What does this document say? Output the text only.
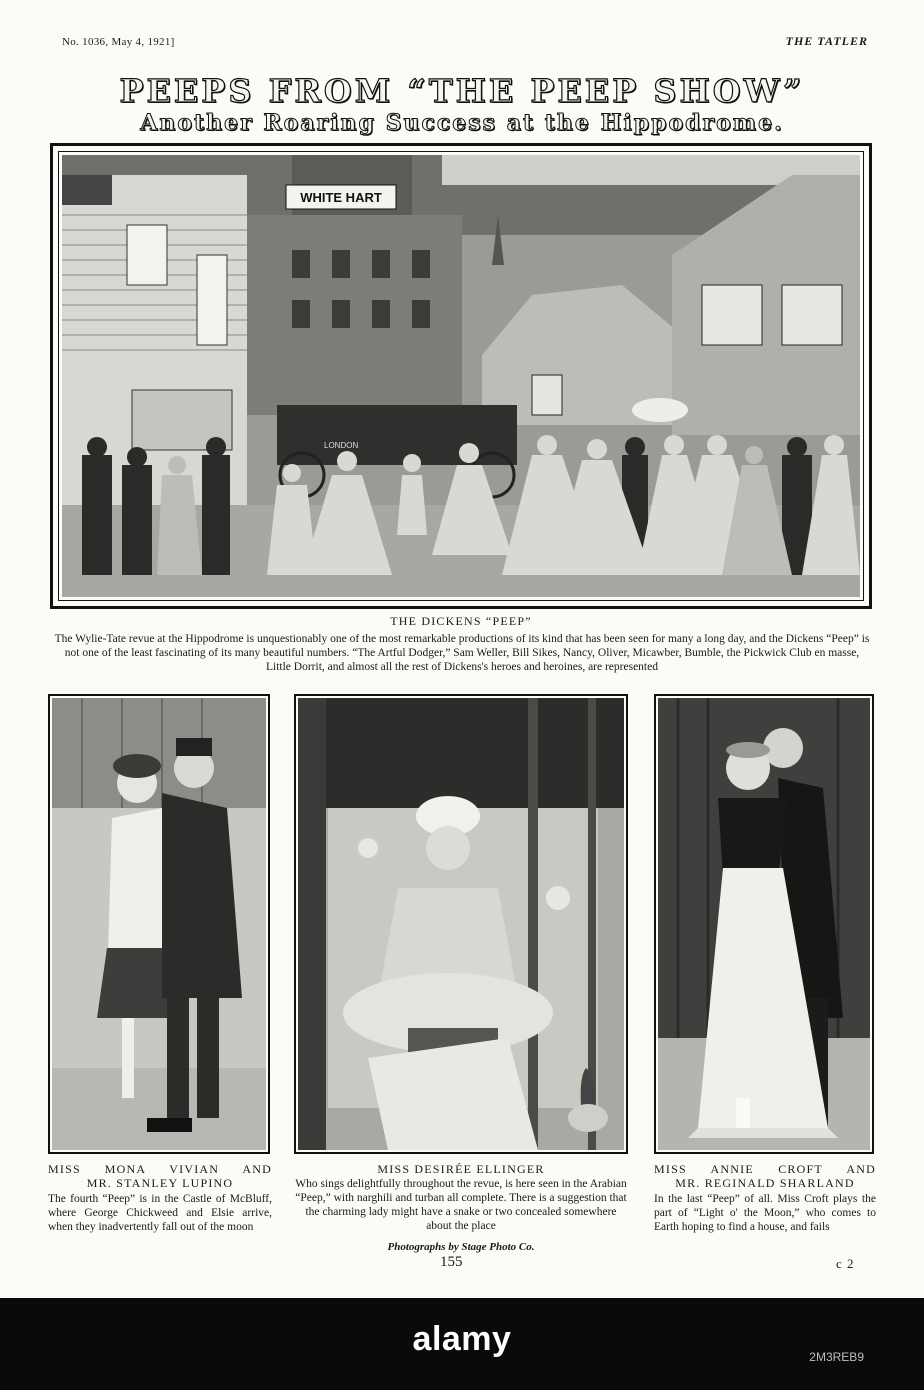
No. 1036, May 4, 1921]	THE TATLER
PEEPS FROM “THE PEEP SHOW”
Another Roaring Success at the Hippodrome.
WHITE HART
LONDON
THE DICKENS “PEEP”
The Wylie-Tate revue at the Hippodrome is unquestionably one of the most remarkable productions of its kind that has been seen for many a long day, and the Dickens “Peep” is not one of the least fascinating of its many beautiful numbers. “The Artful Dodger,” Sam Weller, Bill Sikes, Nancy, Oliver, Micawber, Bumble, the Pickwick Club en masse, Little Dorrit, and almost all the rest of Dickens's heroes and heroines, are represented
MISS MONA VIVIAN AND
MR. STANLEY LUPINO
The fourth “Peep” is in the Castle of McBluff, where George Chickweed and Elsie arrive, when they inadvertently fall out of the moon
MISS DESIRÉE ELLINGER
Who sings delightfully throughout the revue, is here seen in the Arabian “Peep,” with narghili and turban all complete. There is a suggestion that the charming lady might have a snake or two concealed somewhere about the place
MISS ANNIE CROFT AND
MR. REGINALD SHARLAND
In the last “Peep” of all. Miss Croft plays the part of “Light o' the Moon,” who comes to Earth hoping to find a house, and fails
Photographs by Stage Photo Co.
155	c 2
alamy	2M3REB9
